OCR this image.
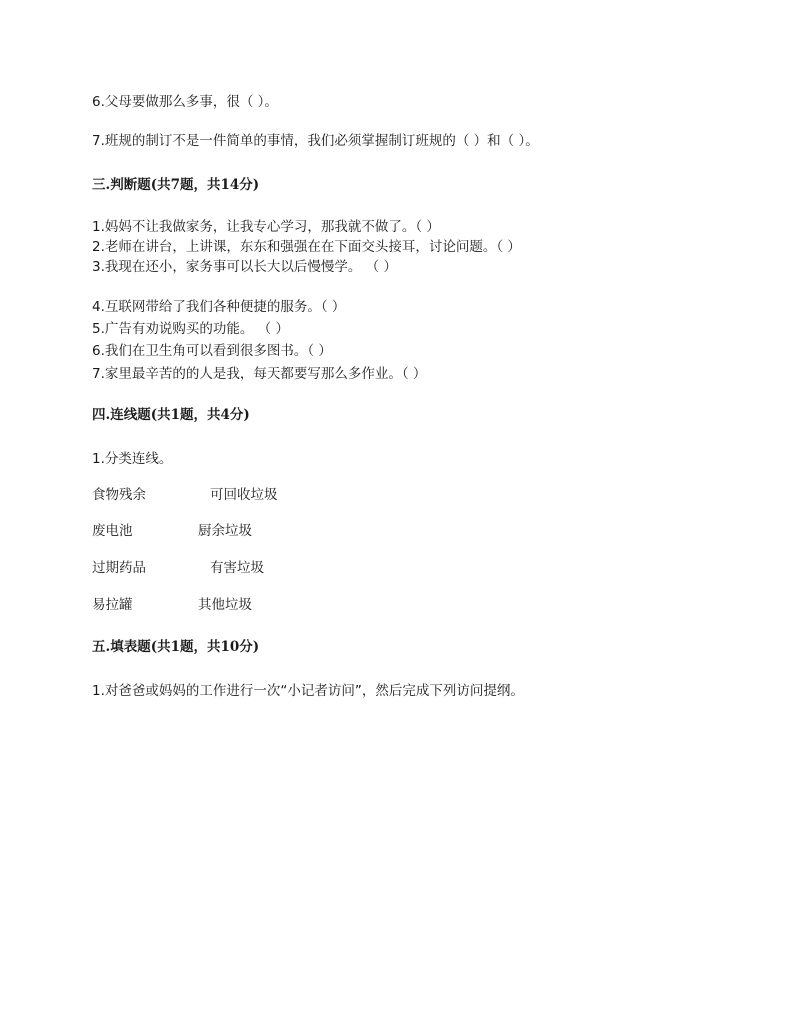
6.父母要做那么多事，很（ ）。
7.班规的制订不是一件简单的事情，我们必须掌握制订班规的（ ）和（ ）。
三.判断题(共7题，共14分)
1.妈妈不让我做家务，让我专心学习，那我就不做了。（ ）
2.老师在讲台，上讲课，东东和强强在在下面交头接耳，讨论问题。（ ）
3.我现在还小，家务事可以长大以后慢慢学。 （ ）
4.互联网带给了我们各种便捷的服务。（ ）
5.广告有劝说购买的功能。 （ ）
6.我们在卫生角可以看到很多图书。（ ）
7.家里最辛苦的的人是我，每天都要写那么多作业。（ ）
四.连线题(共1题，共4分)
1.分类连线。
食物残余	可回收垃圾
废电池	厨余垃圾
过期药品	有害垃圾
易拉罐	其他垃圾
五.填表题(共1题，共10分)
1.对爸爸或妈妈的工作进行一次“小记者访问”，然后完成下列访问提纲。
